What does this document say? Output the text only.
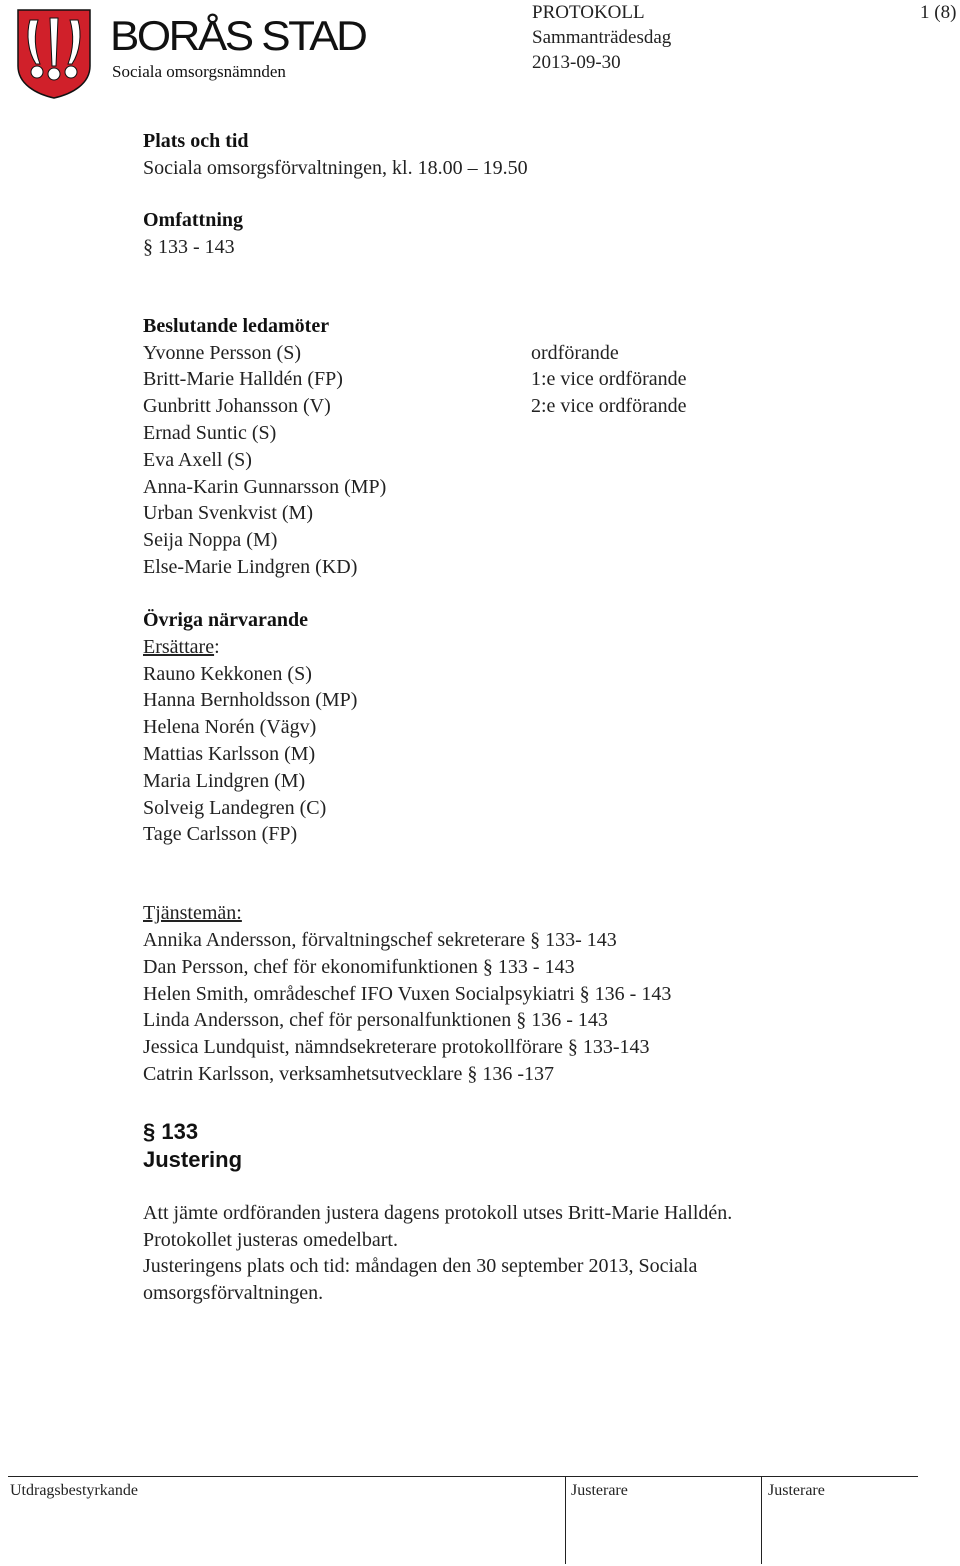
BORÅS STAD
Sociala omsorgsnämnden
PROTOKOLL
Sammanträdesdag
2013-09-30
1 (8)
Plats och tid
Sociala omsorgsförvaltningen, kl. 18.00 – 19.50
Omfattning
§ 133 - 143
Beslutande ledamöter
Yvonne Persson (S)
Britt-Marie Halldén (FP)
Gunbritt Johansson (V)
Ernad Suntic (S)
Eva Axell (S)
Anna-Karin Gunnarsson (MP)
Urban Svenkvist (M)
Seija Noppa (M)
Else-Marie Lindgren (KD)
ordförande
1:e vice ordförande
2:e vice ordförande
Övriga närvarande
Ersättare:
Rauno Kekkonen (S)
Hanna Bernholdsson (MP)
Helena Norén (Vägv)
Mattias Karlsson (M)
Maria Lindgren (M)
Solveig Landegren (C)
Tage Carlsson (FP)
Tjänstemän:
Annika Andersson, förvaltningschef sekreterare § 133- 143
Dan Persson, chef för ekonomifunktionen § 133 - 143
Helen Smith, områdeschef IFO Vuxen Socialpsykiatri § 136 - 143
Linda Andersson, chef för personalfunktionen § 136 - 143
Jessica Lundquist, nämndsekreterare protokollförare § 133-143
Catrin Karlsson, verksamhetsutvecklare § 136 -137
§ 133
Justering
Att jämte ordföranden justera dagens protokoll utses Britt-Marie Halldén.
Protokollet justeras omedelbart.
Justeringens plats och tid: måndagen den 30 september 2013, Sociala
omsorgsförvaltningen.
Utdragsbestyrkande	Justerare	Justerare
